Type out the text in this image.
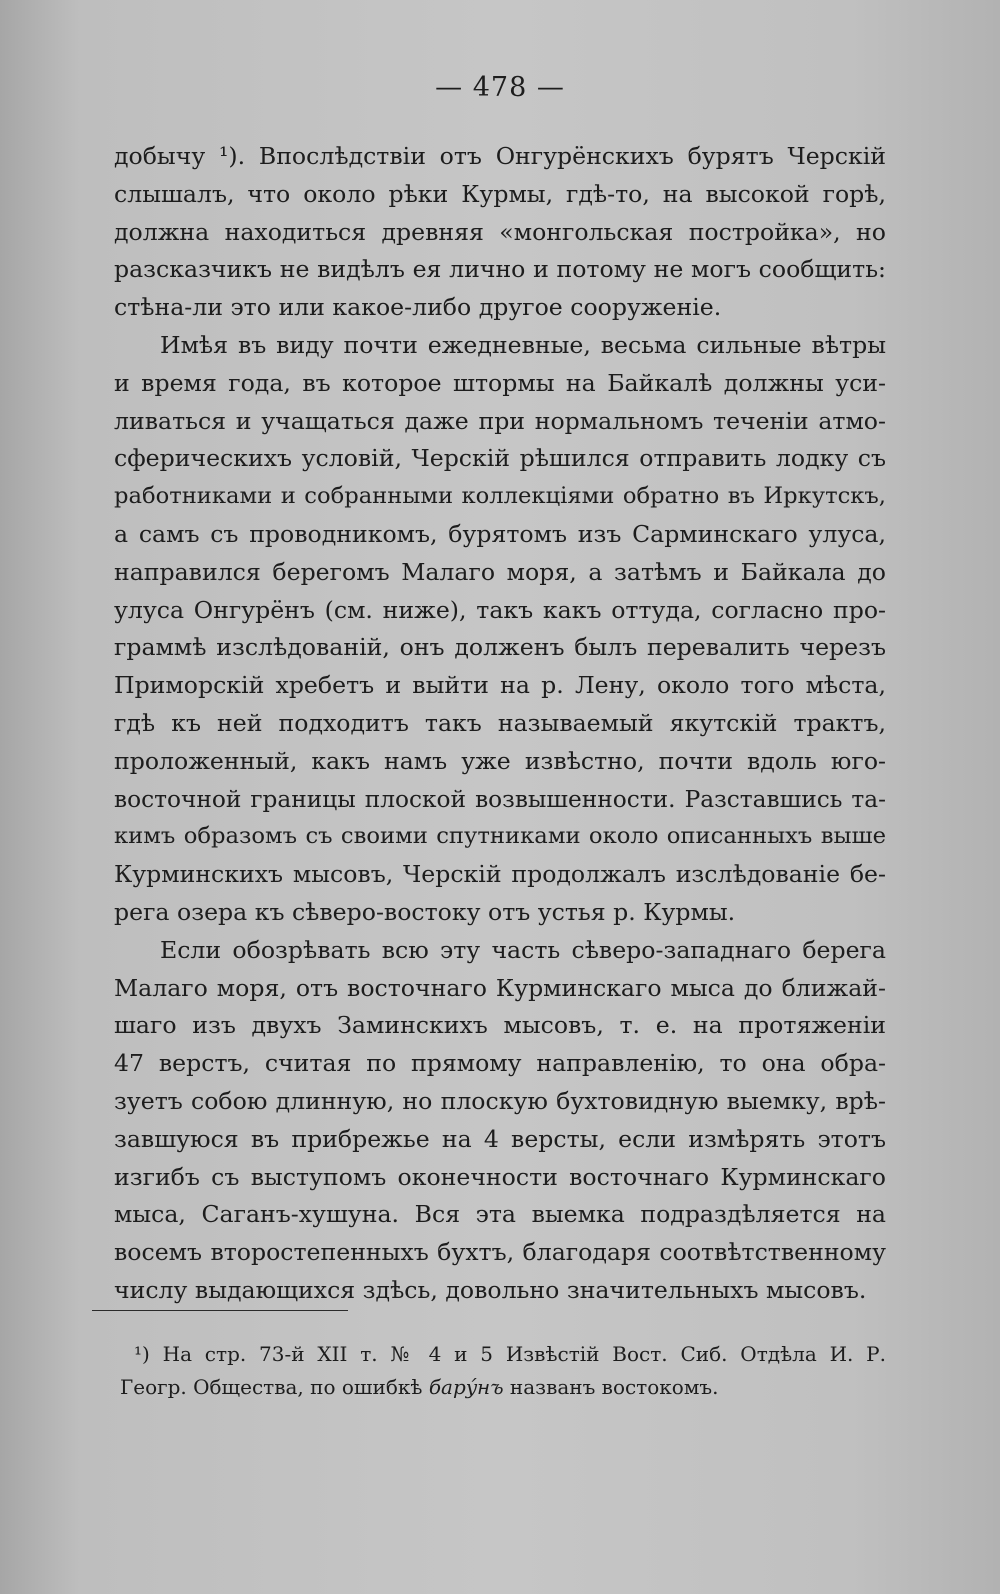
— 478 —
добычу ¹). Впослѣдствіи отъ Онгурёнскихъ бурятъ Черскій
слышалъ, что около рѣки Курмы, гдѣ-то, на высокой горѣ,
должна находиться древняя «монгольская постройка», но
разсказчикъ не видѣлъ ея лично и потому не могъ сообщить:
стѣна-ли это или какое-либо другое сооруженіе.
Имѣя въ виду почти ежедневные, весьма сильные вѣтры
и время года, въ которое штормы на Байкалѣ должны уси-
ливаться и учащаться даже при нормальномъ теченіи атмо-
сферическихъ условій, Черскій рѣшился отправить лодку съ
работниками и собранными коллекціями обратно въ Иркутскъ,
а самъ съ проводникомъ, бурятомъ изъ Сарминскаго улуса,
направился берегомъ Малаго моря, а затѣмъ и Байкала до
улуса Онгурёнъ (см. ниже), такъ какъ оттуда, согласно про-
граммѣ изслѣдованій, онъ долженъ былъ перевалить черезъ
Приморскій хребетъ и выйти на р. Лену, около того мѣста,
гдѣ къ ней подходитъ такъ называемый якутскій трактъ,
проложенный, какъ намъ уже извѣстно, почти вдоль юго-
восточной границы плоской возвышенности. Разставшись та-
кимъ образомъ съ своими спутниками около описанныхъ выше
Курминскихъ мысовъ, Черскій продолжалъ изслѣдованіе бе-
рега озера къ сѣверо-востоку отъ устья р. Курмы.
Если обозрѣвать всю эту часть сѣверо-западнаго берега
Малаго моря, отъ восточнаго Курминскаго мыса до ближай-
шаго изъ двухъ Заминскихъ мысовъ, т. е. на протяженіи
47 верстъ, считая по прямому направленію, то она обра-
зуетъ собою длинную, но плоскую бухтовидную выемку, врѣ-
завшуюся въ прибрежье на 4 версты, если измѣрять этотъ
изгибъ съ выступомъ оконечности восточнаго Курминскаго
мыса, Саганъ-хушуна. Вся эта выемка подраздѣляется на
восемъ второстепенныхъ бухтъ, благодаря соотвѣтственному
числу выдающихся здѣсь, довольно значительныхъ мысовъ.
¹) На стр. 73-й XII т. № 4 и 5 Извѣстій Вост. Сиб. Отдѣла И. Р.
Геогр. Общества, по ошибкѣ барýнъ названъ востокомъ.
